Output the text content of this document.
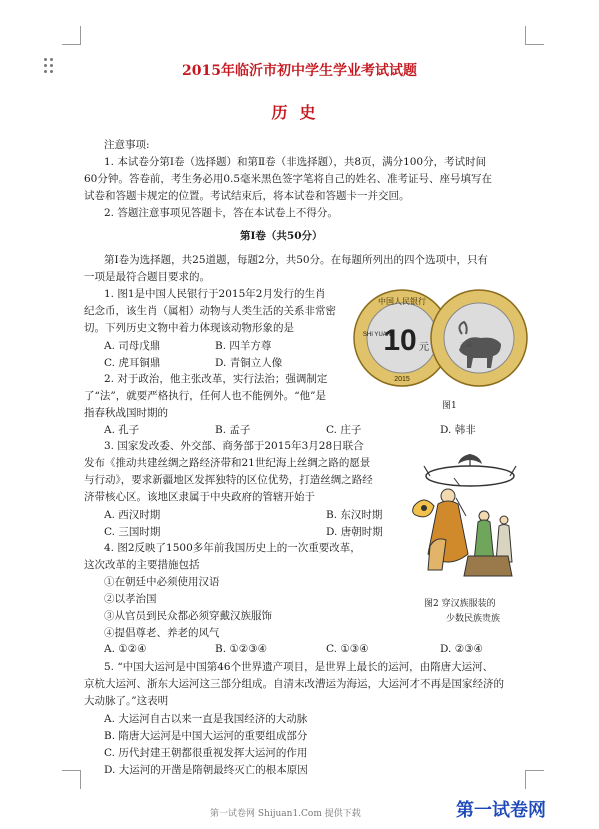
2015年临沂市初中学生学业考试试题
历史
注意事项:
1. 本试卷分第Ⅰ卷（选择题）和第Ⅱ卷（非选择题），共8页，满分100分，考试时间
60分钟。答卷前，考生务必用0.5毫米黑色签字笔将自己的姓名、准考证号、座号填写在
试卷和答题卡规定的位置。考试结束后，将本试卷和答题卡一并交回。
2. 答题注意事项见答题卡，答在本试卷上不得分。
第Ⅰ卷（共50分）
第Ⅰ卷为选择题，共25道题，每题2分，共50分。在每题所列出的四个选项中，只有
一项是最符合题目要求的。
1. 图1是中国人民银行于2015年2月发行的生肖
纪念币，该生肖（属相）动物与人类生活的关系非常密
切。下列历史文物中着力体现该动物形象的是
A. 司母戊鼎	B. 四羊方尊
C. 虎耳铜鼎	D. 青铜立人像
2. 对于政治，他主张改革，实行法治；强调制定
了“法”，就要严格执行，任何人也不能例外。“他”是
指春秋战国时期的
A. 孔子	B. 孟子	C. 庄子	D. 韩非
3. 国家发改委、外交部、商务部于2015年3月28日联合
发布《推动共建丝绸之路经济带和21世纪海上丝绸之路的愿景
与行动》，要求新疆地区发挥独特的区位优势，打造丝绸之路经
济带核心区。该地区隶属于中央政府的管辖开始于
A. 西汉时期	B. 东汉时期
C. 三国时期	D. 唐朝时期
4. 图2反映了1500多年前我国历史上的一次重要改革，
这次改革的主要措施包括
①在朝廷中必须使用汉语
②以孝治国
③从官员到民众都必须穿戴汉族服饰
④提倡尊老、养老的风气
A. ①②④	B. ①②③④	C. ①③④	D. ②③④
5. “中国大运河是中国第46个世界遗产项目，是世界上最长的运河，由隋唐大运河、
京杭大运河、浙东大运河这三部分组成。自清末改漕运为海运，大运河才不再是国家经济的
大动脉了。”这表明
A. 大运河自古以来一直是我国经济的大动脉
B. 隋唐大运河是中国大运河的重要组成部分
C. 历代封建王朝都很重视发挥大运河的作用
D. 大运河的开凿是隋朝最终灭亡的根本原因
中国人民银行
10 元
SHI YUAN
2015
乙未
图1
图2 穿汉族服装的
少数民族贵族
第一试卷网 Shijuan1.Com 提供下载	第一试卷网
